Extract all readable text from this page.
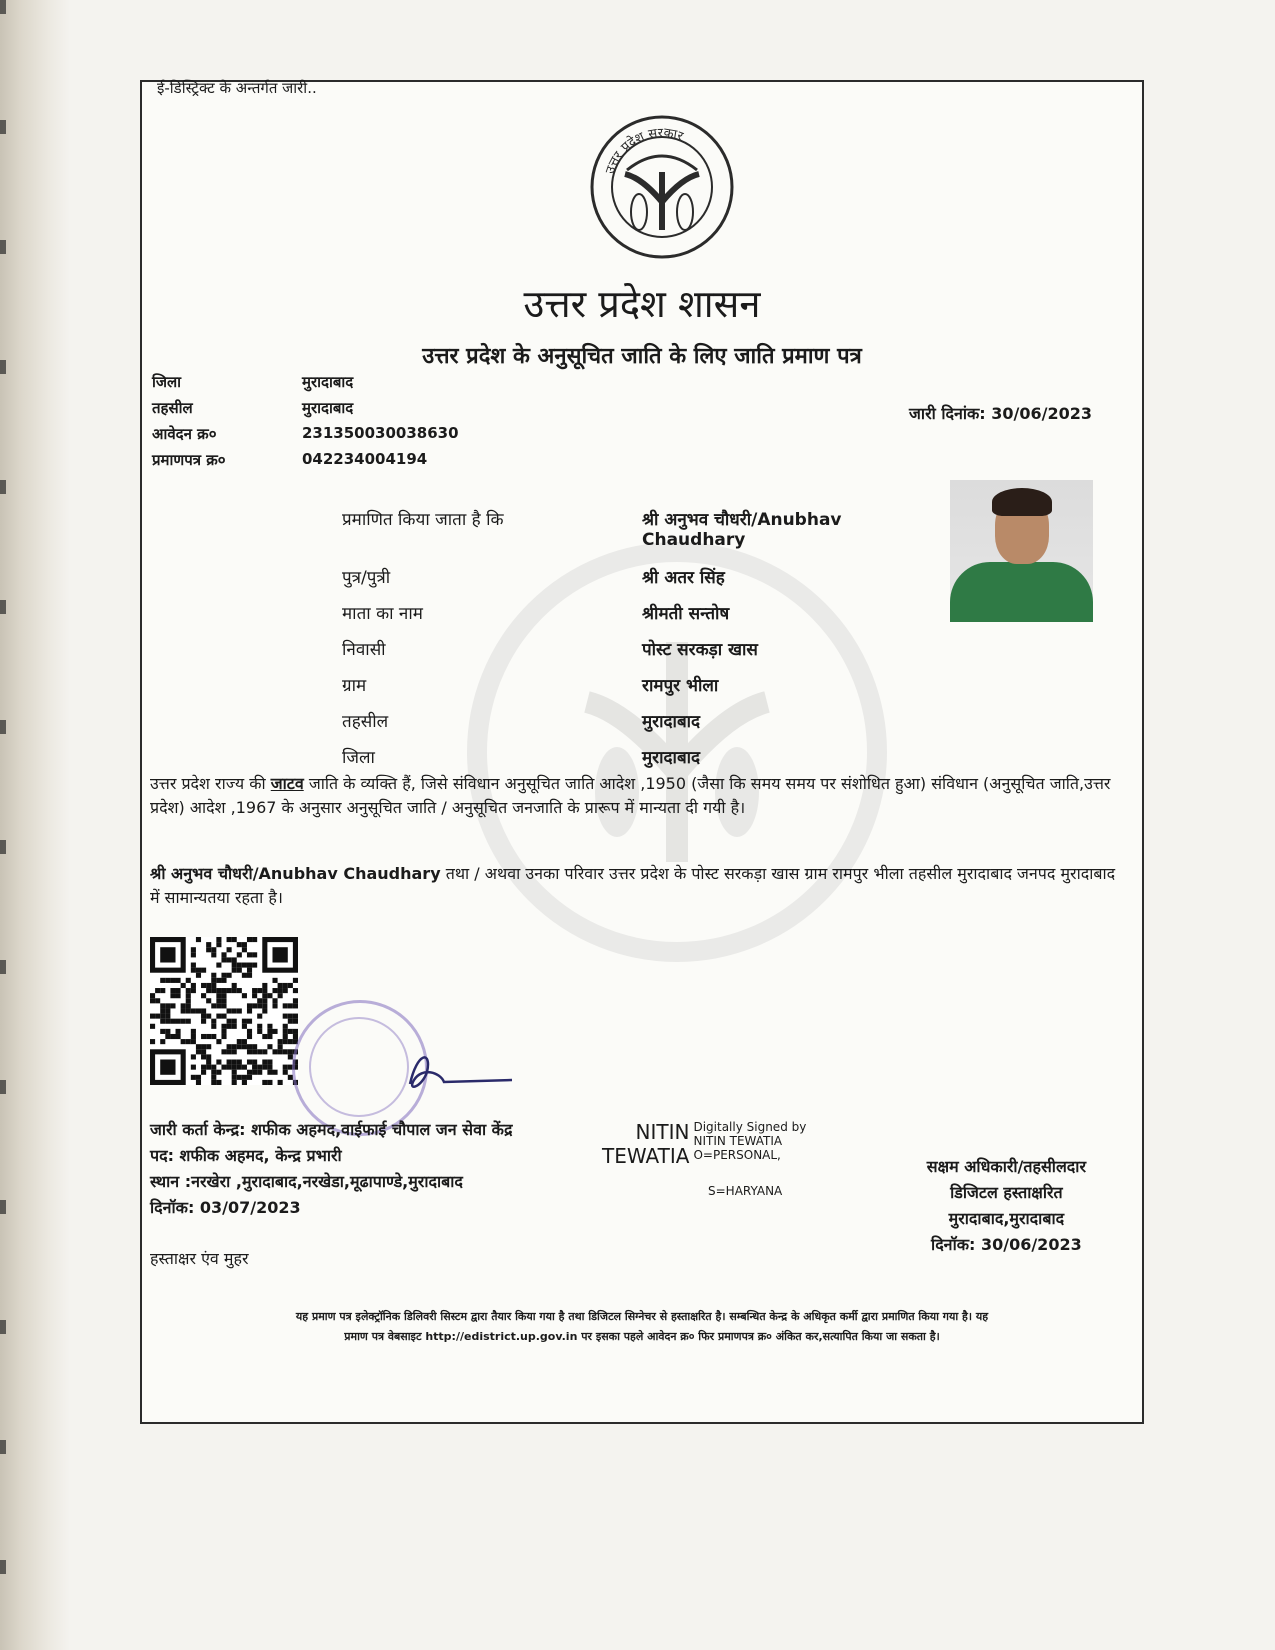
ई-डिस्ट्रिक्ट के अन्तर्गत जारी..
उत्तर प्रदेश सरकार
उत्तर प्रदेश शासन
उत्तर प्रदेश के अनुसूचित जाति के लिए जाति प्रमाण पत्र
जिला	मुरादाबाद
तहसील	मुरादाबाद
आवेदन क्र०	231350030038630
प्रमाणपत्र क्र०	042234004194
जारी दिनांक: 30/06/2023
प्रमाणित किया जाता है कि	श्री अनुभव चौधरी/Anubhav Chaudhary
पुत्र/पुत्री	श्री अतर सिंह
माता का नाम	श्रीमती सन्तोष
निवासी	पोस्ट सरकड़ा खास
ग्राम	रामपुर भीला
तहसील	मुरादाबाद
जिला	मुरादाबाद
उत्तर प्रदेश राज्य की जाटव जाति के व्यक्ति हैं, जिसे संविधान अनुसूचित जाति आदेश ,1950 (जैसा कि समय समय पर संशोधित हुआ) संविधान (अनुसूचित जाति,उत्तर प्रदेश) आदेश ,1967 के अनुसार अनुसूचित जाति / अनुसूचित जनजाति के प्रारूप में मान्यता दी गयी है।
श्री अनुभव चौधरी/Anubhav Chaudhary तथा / अथवा उनका परिवार उत्तर प्रदेश के पोस्ट सरकड़ा खास ग्राम रामपुर भीला तहसील मुरादाबाद जनपद मुरादाबाद में सामान्यतया रहता है।
जारी कर्ता केन्द्र: शफीक अहमद,वाईफाई चौपाल जन सेवा केंद्र
पद: शफीक अहमद, केन्द्र प्रभारी
स्थान :नरखेरा ,मुरादाबाद,नरखेडा,मूढापाण्डे,मुरादाबाद
दिनॉक: 03/07/2023
हस्ताक्षर एंव मुहर
NITIN
TEWATIA
Digitally Signed by
NITIN TEWATIA
O=PERSONAL,
S=HARYANA
सक्षम अधिकारी/तहसीलदार
डिजिटल हस्ताक्षरित
मुरादाबाद,मुरादाबाद
दिनॉक: 30/06/2023
यह प्रमाण पत्र इलेक्ट्रॉनिक डिलिवरी सिस्टम द्वारा तैयार किया गया है तथा डिजिटल सिग्नेचर से हस्ताक्षरित है। सम्बन्धित केन्द्र के अधिकृत कर्मी द्वारा प्रमाणित किया गया है। यह
प्रमाण पत्र वेबसाइट http://edistrict.up.gov.in पर इसका पहले आवेदन क्र० फिर प्रमाणपत्र क्र० अंकित कर,सत्यापित किया जा सकता है।
